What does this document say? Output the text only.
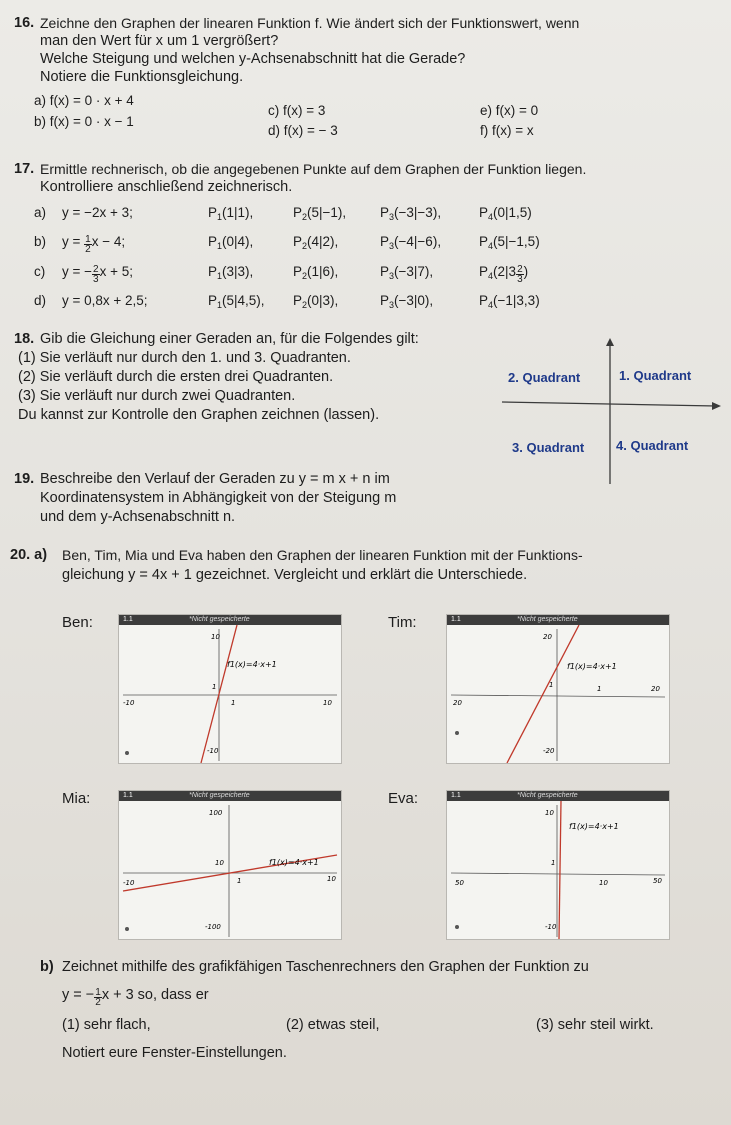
16. Zeichne den Graphen der linearen Funktion f. Wie ändert sich der Funktionswert, wenn
man den Wert für x um 1 vergrößert?
Welche Steigung und welchen y-Achsenabschnitt hat die Gerade?
Notiere die Funktionsgleichung.
a) f(x) = 0 · x + 4
b) f(x) = 0 · x − 1
c) f(x) = 3
d) f(x) = − 3
e) f(x) = 0
f) f(x) = x
17. Ermittle rechnerisch, ob die angegebenen Punkte auf dem Graphen der Funktion liegen.
Kontrolliere anschließend zeichnerisch.
a) y = −2x + 3;	$P_1(1|1)$,	$P_2(5|-1)$,	$P_3(-3|-3)$,	$P_4(0|1,5)$
b) $y = \frac{1}{2}$ x − 4;	$P_1(0|4)$,	$P_2(4|2)$,	$P_3(-4|-6)$,	$P_4(5|-1,5)$
c) y = − $\frac{2}{3}$ x + 5;	$P_1(3|3)$,	$P_2(1|6)$,	$P_3(-3|7)$,	$P_4(2|3 \frac{2}{3}$ )
d) y = 0,8x + 2,5;	$P_1(5|4,5)$, $P_2(0|3)$,	$P_3(-3|0)$,	$P_4(-1|3,3)$
18. Gib die Gleichung einer Geraden an, für die Folgendes gilt:
(1) Sie verläuft nur durch den 1. und 3. Quadranten.
(2) Sie verläuft durch die ersten drei Quadranten.
(3) Sie verläuft nur durch zwei Quadranten.
Du kannst zur Kontrolle den Graphen zeichnen (lassen).
2. Quadrant	1. Quadrant
3. Quadrant 4. Quadrant
19. Beschreibe den Verlauf der Geraden zu y = m x + n im
Koordinatensystem in Abhängigkeit von der Steigung m
und dem y-Achsenabschnitt n.
20. a) Ben, Tim, Mia und Eva haben den Graphen der linearen Funktion mit der Funktions-
gleichung y = 4x + 1 gezeichnet. Vergleicht und erklärt die Unterschiede.
Ben:	Tim:
Mia:	Eva:
1.1	*Nicht gespeicherte
10
-10
-10	10
1
1
f1(x)=4·x+1
1.1	*Nicht gespeicherte
20
-20
20
20
1	1
f1(x)=4·x+1
1.1	*Nicht gespeicherte
100
-100
-10	10
10
1
f1(x)=4·x+1
1.1	*Nicht gespeicherte
10
-10
50	50
1
10
f1(x)=4·x+1
b) Zeichnet mithilfe des grafikfähigen Taschenrechners den Graphen der Funktion zu
y = − $\frac{1}{2}$ x + 3 so, dass er
(1) sehr flach,	(2) etwas steil,	(3) sehr steil wirkt.
Notiert eure Fenster-Einstellungen.
